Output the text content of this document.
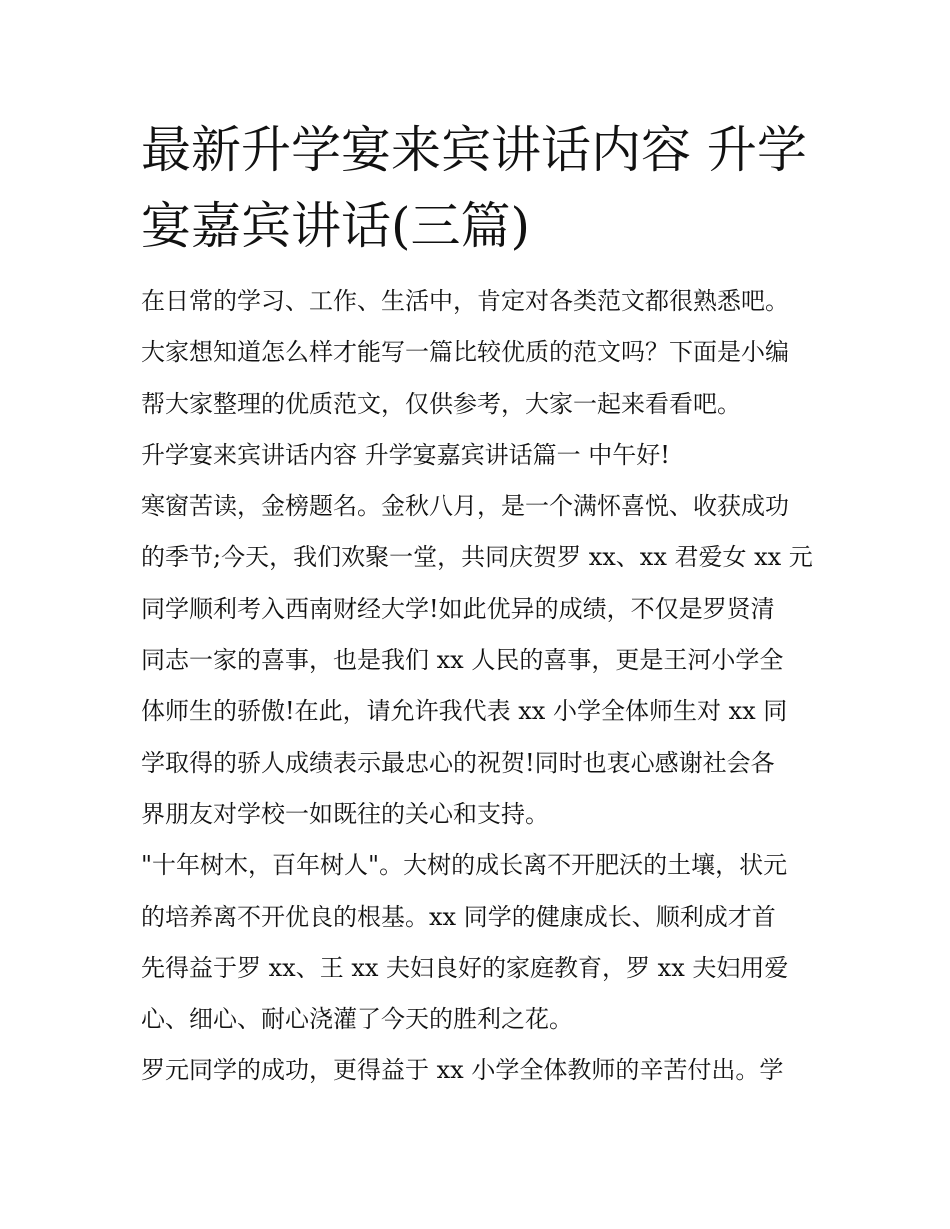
最新升学宴来宾讲话内容 升学
宴嘉宾讲话(三篇)
在日常的学习、工作、生活中，肯定对各类范文都很熟悉吧。
大家想知道怎么样才能写一篇比较优质的范文吗？下面是小编
帮大家整理的优质范文，仅供参考，大家一起来看看吧。
升学宴来宾讲话内容 升学宴嘉宾讲话篇一 中午好!
寒窗苦读，金榜题名。金秋八月，是一个满怀喜悦、收获成功
的季节;今天，我们欢聚一堂，共同庆贺罗 xx、xx 君爱女 xx 元
同学顺利考入西南财经大学!如此优异的成绩，不仅是罗贤清
同志一家的喜事，也是我们 xx 人民的喜事，更是王河小学全
体师生的骄傲!在此，请允许我代表 xx 小学全体师生对 xx 同
学取得的骄人成绩表示最忠心的祝贺!同时也衷心感谢社会各
界朋友对学校一如既往的关心和支持。
"十年树木，百年树人"。大树的成长离不开肥沃的土壤，状元
的培养离不开优良的根基。xx 同学的健康成长、顺利成才首
先得益于罗 xx、王 xx 夫妇良好的家庭教育，罗 xx 夫妇用爱
心、细心、耐心浇灌了今天的胜利之花。
罗元同学的成功，更得益于 xx 小学全体教师的辛苦付出。学
